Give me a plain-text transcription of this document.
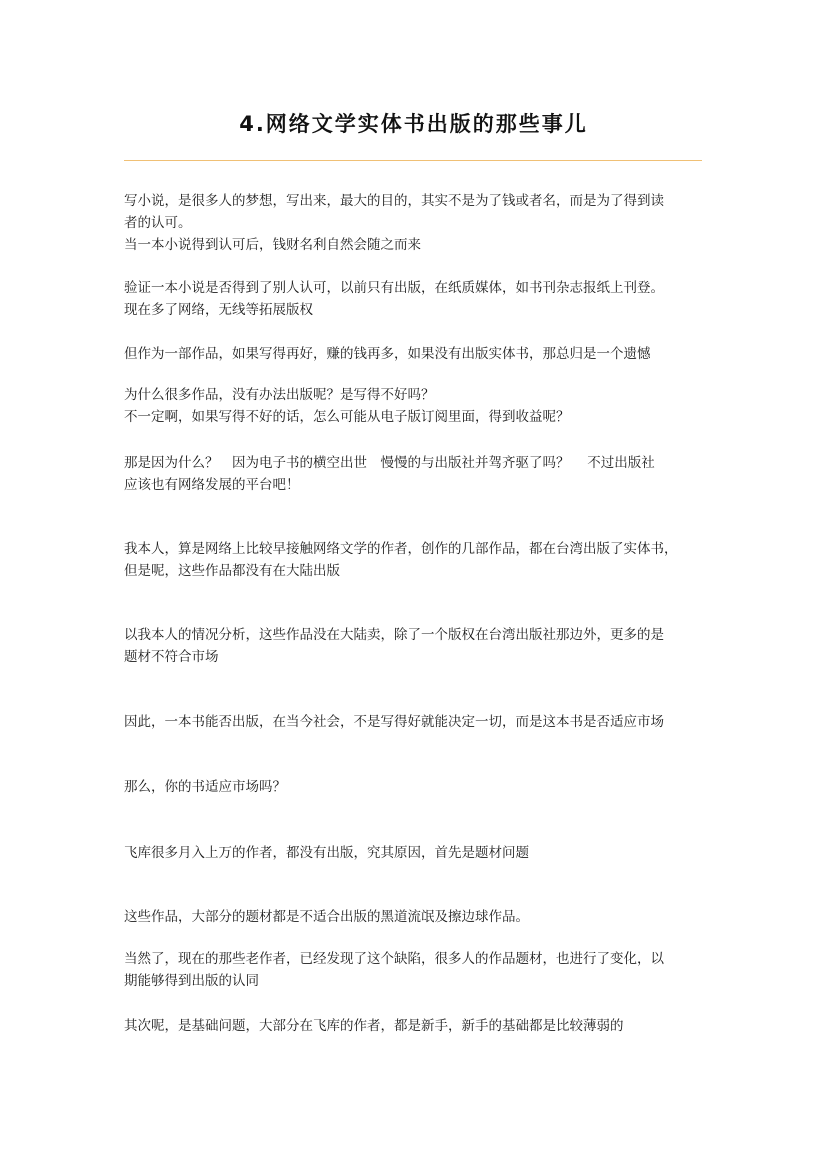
4.网络文学实体书出版的那些事儿
写小说，是很多人的梦想，写出来，最大的目的，其实不是为了钱或者名，而是为了得到读
者的认可。
当一本小说得到认可后，钱财名利自然会随之而来
验证一本小说是否得到了别人认可，以前只有出版，在纸质媒体，如书刊杂志报纸上刊登。
现在多了网络，无线等拓展版权
但作为一部作品，如果写得再好，赚的钱再多，如果没有出版实体书，那总归是一个遗憾
为什么很多作品，没有办法出版呢？是写得不好吗？
不一定啊，如果写得不好的话，怎么可能从电子版订阅里面，得到收益呢？
那是因为什么？　因为电子书的横空出世　慢慢的与出版社并驾齐驱了吗？　 不过出版社
应该也有网络发展的平台吧！
我本人，算是网络上比较早接触网络文学的作者，创作的几部作品，都在台湾出版了实体书，
但是呢，这些作品都没有在大陆出版
以我本人的情况分析，这些作品没在大陆卖，除了一个版权在台湾出版社那边外，更多的是
题材不符合市场
因此，一本书能否出版，在当今社会，不是写得好就能决定一切，而是这本书是否适应市场
那么，你的书适应市场吗？
飞库很多月入上万的作者，都没有出版，究其原因，首先是题材问题
这些作品，大部分的题材都是不适合出版的黑道流氓及擦边球作品。
当然了，现在的那些老作者，已经发现了这个缺陷，很多人的作品题材，也进行了变化，以
期能够得到出版的认同
其次呢，是基础问题，大部分在飞库的作者，都是新手，新手的基础都是比较薄弱的
